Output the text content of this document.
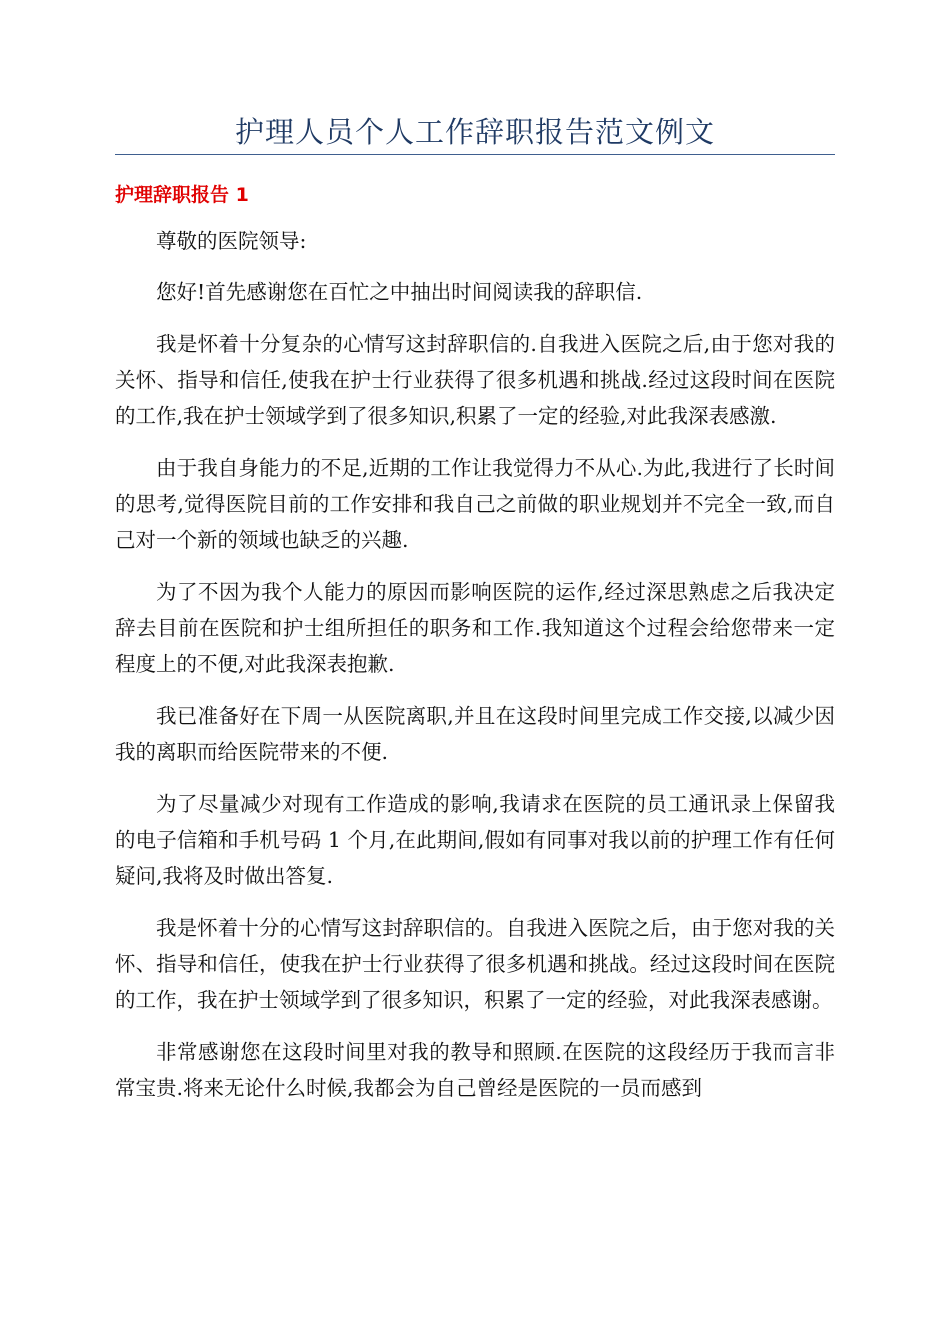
护理人员个人工作辞职报告范文例文
护理辞职报告 1

尊敬的医院领导:

您好!首先感谢您在百忙之中抽出时间阅读我的辞职信.

我是怀着十分复杂的心情写这封辞职信的.自我进入医院之后,由于您对我的关怀、指导和信任,使我在护士行业获得了很多机遇和挑战.经过这段时间在医院的工作,我在护士领域学到了很多知识,积累了一定的经验,对此我深表感激.

由于我自身能力的不足,近期的工作让我觉得力不从心.为此,我进行了长时间的思考,觉得医院目前的工作安排和我自己之前做的职业规划并不完全一致,而自己对一个新的领域也缺乏的兴趣.

为了不因为我个人能力的原因而影响医院的运作,经过深思熟虑之后我决定辞去目前在医院和护士组所担任的职务和工作.我知道这个过程会给您带来一定程度上的不便,对此我深表抱歉.

我已准备好在下周一从医院离职,并且在这段时间里完成工作交接,以减少因我的离职而给医院带来的不便.

为了尽量减少对现有工作造成的影响,我请求在医院的员工通讯录上保留我的电子信箱和手机号码 1 个月,在此期间,假如有同事对我以前的护理工作有任何疑问,我将及时做出答复.

我是怀着十分的心情写这封辞职信的。自我进入医院之后，由于您对我的关怀、指导和信任，使我在护士行业获得了很多机遇和挑战。经过这段时间在医院的工作，我在护士领域学到了很多知识，积累了一定的经验，对此我深表感谢。

非常感谢您在这段时间里对我的教导和照顾.在医院的这段经历于我而言非常宝贵.将来无论什么时候,我都会为自己曾经是医院的一员而感到
